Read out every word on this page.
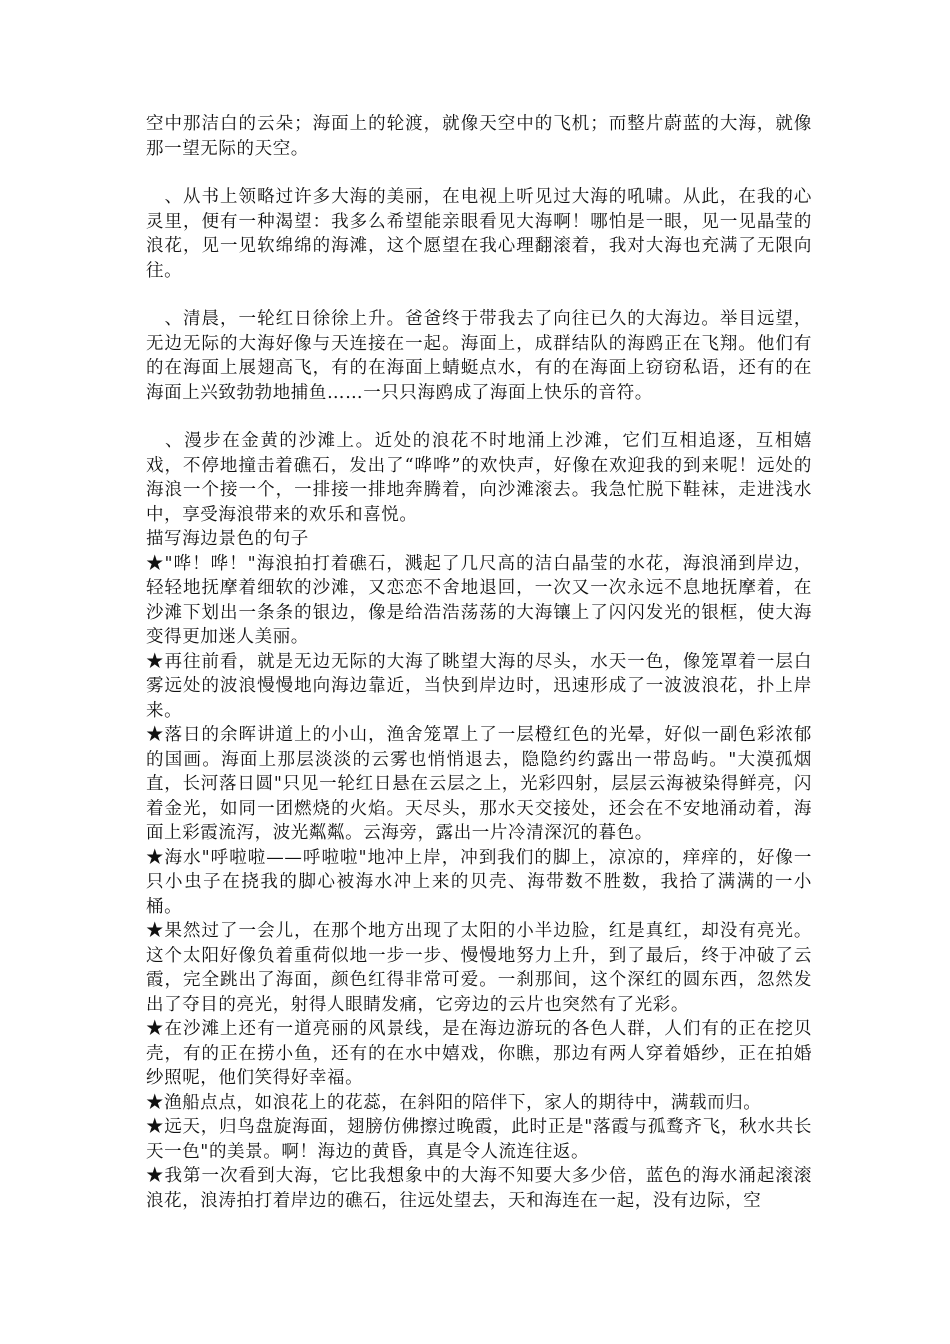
空中那洁白的云朵；海面上的轮渡，就像天空中的飞机；而整片蔚蓝的大海，就像那一望无际的天空。

　、从书上领略过许多大海的美丽，在电视上听见过大海的吼啸。从此，在我的心灵里，便有一种渴望：我多么希望能亲眼看见大海啊！哪怕是一眼，见一见晶莹的浪花，见一见软绵绵的海滩，这个愿望在我心理翻滚着，我对大海也充满了无限向往。

　、清晨，一轮红日徐徐上升。爸爸终于带我去了向往已久的大海边。举目远望，无边无际的大海好像与天连接在一起。海面上，成群结队的海鸥正在飞翔。他们有的在海面上展翅高飞，有的在海面上蜻蜓点水，有的在海面上窃窃私语，还有的在海面上兴致勃勃地捕鱼……一只只海鸥成了海面上快乐的音符。

　、漫步在金黄的沙滩上。近处的浪花不时地涌上沙滩，它们互相追逐，互相嬉戏，不停地撞击着礁石，发出了“哗哗”的欢快声，好像在欢迎我的到来呢！远处的海浪一个接一个，一排接一排地奔腾着，向沙滩滚去。我急忙脱下鞋袜，走进浅水中，享受海浪带来的欢乐和喜悦。

描写海边景色的句子

★"哗！哗！"海浪拍打着礁石，溅起了几尺高的洁白晶莹的水花，海浪涌到岸边，轻轻地抚摩着细软的沙滩，又恋恋不舍地退回，一次又一次永远不息地抚摩着，在沙滩下划出一条条的银边，像是给浩浩荡荡的大海镶上了闪闪发光的银框，使大海变得更加迷人美丽。

★再往前看，就是无边无际的大海了眺望大海的尽头，水天一色，像笼罩着一层白雾远处的波浪慢慢地向海边靠近，当快到岸边时，迅速形成了一波波浪花，扑上岸来。

★落日的余晖讲道上的小山，渔舍笼罩上了一层橙红色的光晕，好似一副色彩浓郁的国画。海面上那层淡淡的云雾也悄悄退去，隐隐约约露出一带岛屿。"大漠孤烟直，长河落日圆"只见一轮红日悬在云层之上，光彩四射，层层云海被染得鲜亮，闪着金光，如同一团燃烧的火焰。天尽头，那水天交接处，还会在不安地涌动着，海面上彩霞流泻，波光粼粼。云海旁，露出一片冷清深沉的暮色。

★海水"呼啦啦——呼啦啦"地冲上岸，冲到我们的脚上，凉凉的，痒痒的，好像一只小虫子在挠我的脚心被海水冲上来的贝壳、海带数不胜数，我拾了满满的一小桶。

★果然过了一会儿，在那个地方出现了太阳的小半边脸，红是真红，却没有亮光。这个太阳好像负着重荷似地一步一步、慢慢地努力上升，到了最后，终于冲破了云霞，完全跳出了海面，颜色红得非常可爱。一刹那间，这个深红的圆东西，忽然发出了夺目的亮光，射得人眼睛发痛，它旁边的云片也突然有了光彩。

★在沙滩上还有一道亮丽的风景线，是在海边游玩的各色人群，人们有的正在挖贝壳，有的正在捞小鱼，还有的在水中嬉戏，你瞧，那边有两人穿着婚纱，正在拍婚纱照呢，他们笑得好幸福。

★渔船点点，如浪花上的花蕊，在斜阳的陪伴下，家人的期待中，满载而归。

★远天，归鸟盘旋海面，翅膀仿佛擦过晚霞，此时正是"落霞与孤鹜齐飞，秋水共长天一色"的美景。啊！海边的黄昏，真是令人流连往返。

★我第一次看到大海，它比我想象中的大海不知要大多少倍，蓝色的海水涌起滚滚浪花，浪涛拍打着岸边的礁石，往远处望去，天和海连在一起，没有边际，空
